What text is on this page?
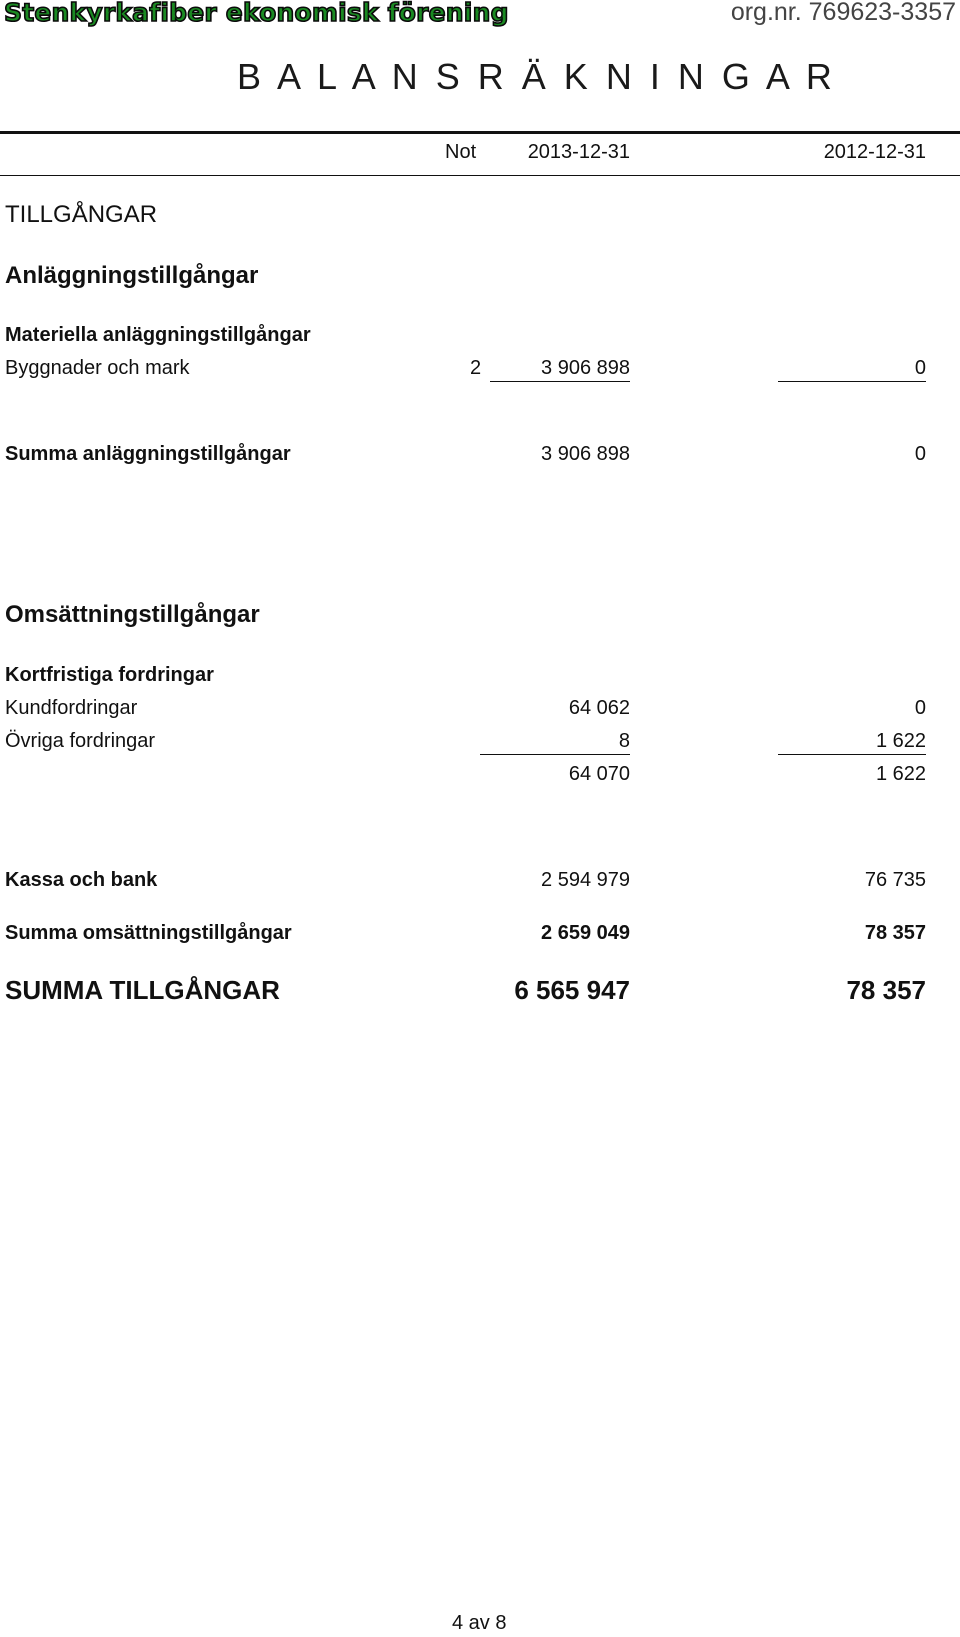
Stenkyrkafiber ekonomisk förening	org.nr. 769623-3357
B A L A N S R Ä K N I N G A R
Not	2013-12-31	2012-12-31
TILLGÅNGAR
Anläggningstillgångar
Materiella anläggningstillgångar
Byggnader och mark	2	3 906 898	0
Summa anläggningstillgångar	3 906 898	0
Omsättningstillgångar
Kortfristiga fordringar
Kundfordringar	64 062	0
Övriga fordringar	8	1 622
64 070	1 622
Kassa och bank	2 594 979	76 735
Summa omsättningstillgångar	2 659 049	78 357
SUMMA TILLGÅNGAR	6 565 947	78 357
4 av 8
